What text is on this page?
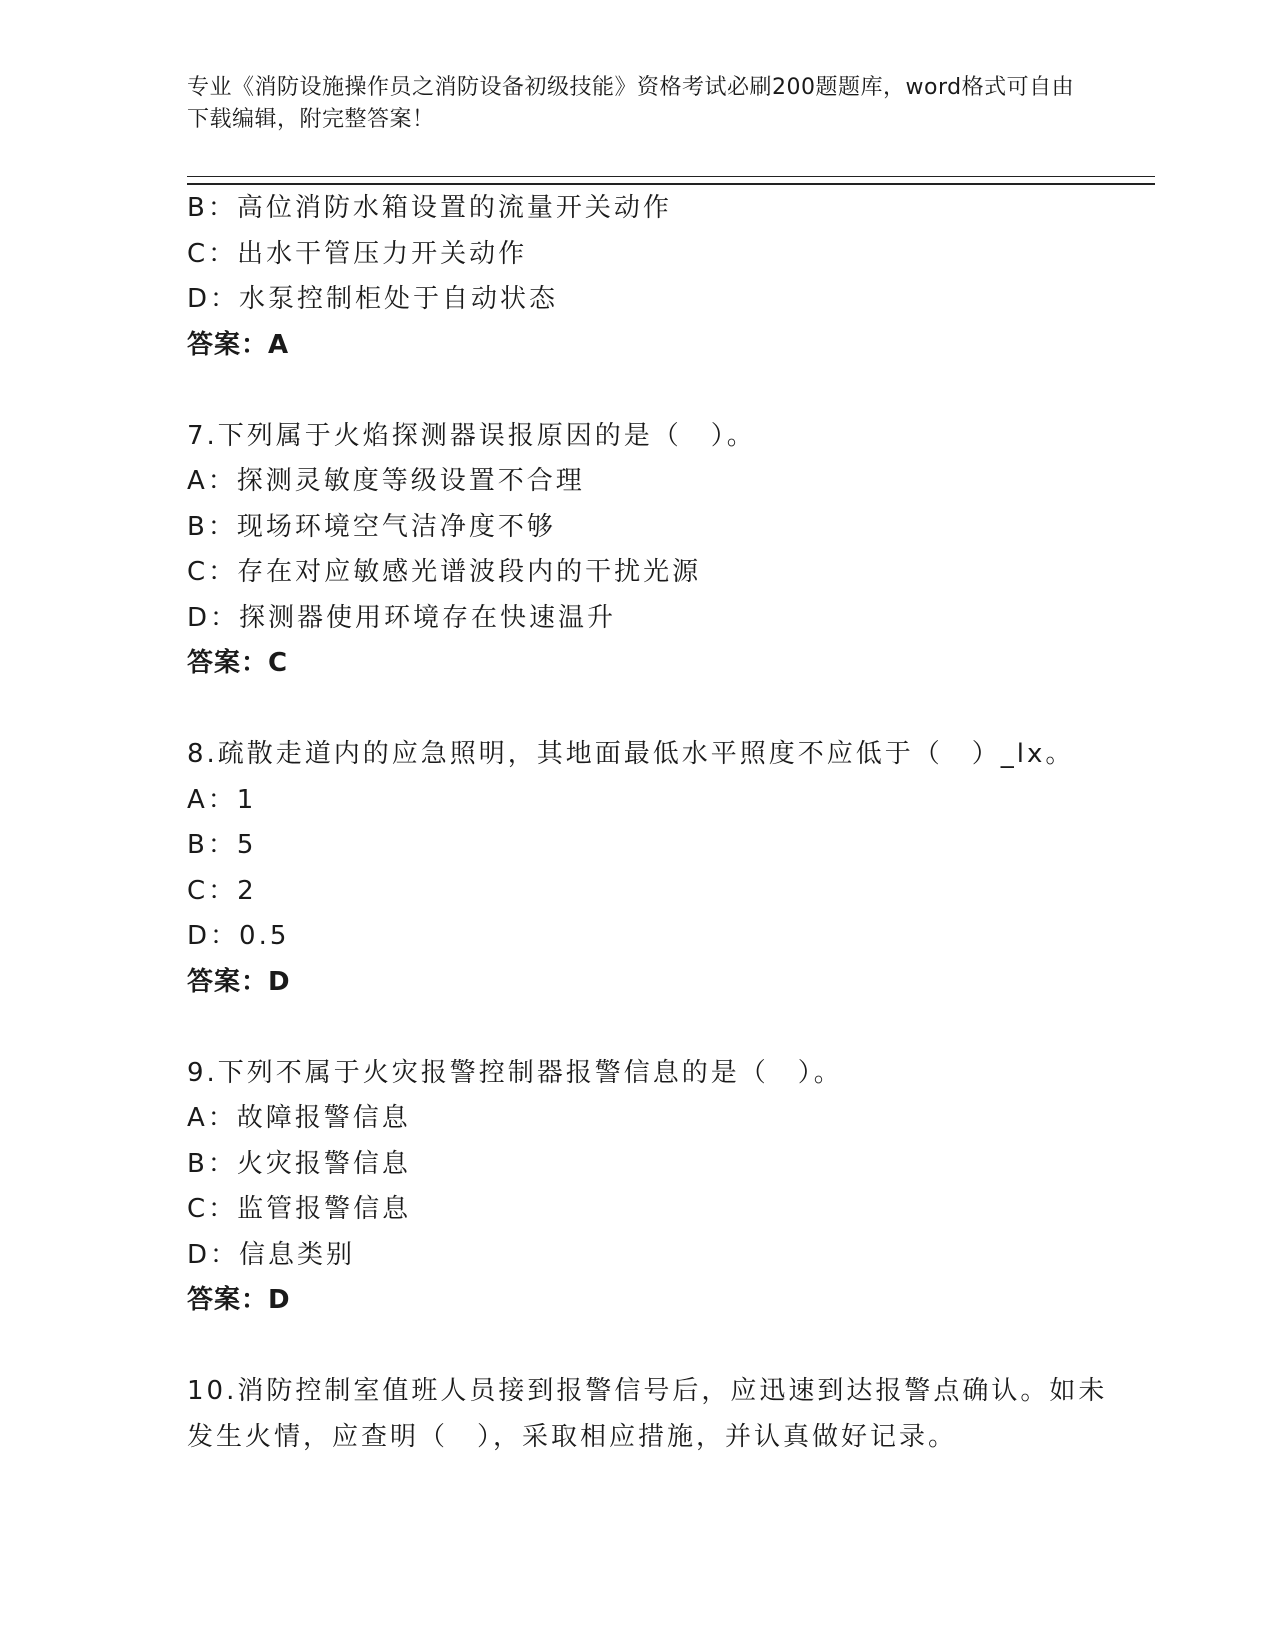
专业《消防设施操作员之消防设备初级技能》资格考试必刷200题题库，word格式可自由下载编辑，附完整答案！
B：高位消防水箱设置的流量开关动作
C：出水干管压力开关动作
D：水泵控制柜处于自动状态
答案：A
7.下列属于火焰探测器误报原因的是（　）。
A：探测灵敏度等级设置不合理
B：现场环境空气洁净度不够
C：存在对应敏感光谱波段内的干扰光源
D：探测器使用环境存在快速温升
答案：C
8.疏散走道内的应急照明，其地面最低水平照度不应低于（　）_lx。
A：1
B：5
C：2
D：0.5
答案：D
9.下列不属于火灾报警控制器报警信息的是（　）。
A：故障报警信息
B：火灾报警信息
C：监管报警信息
D：信息类别
答案：D
10.消防控制室值班人员接到报警信号后，应迅速到达报警点确认。如未发生火情，应查明（　），采取相应措施，并认真做好记录。
